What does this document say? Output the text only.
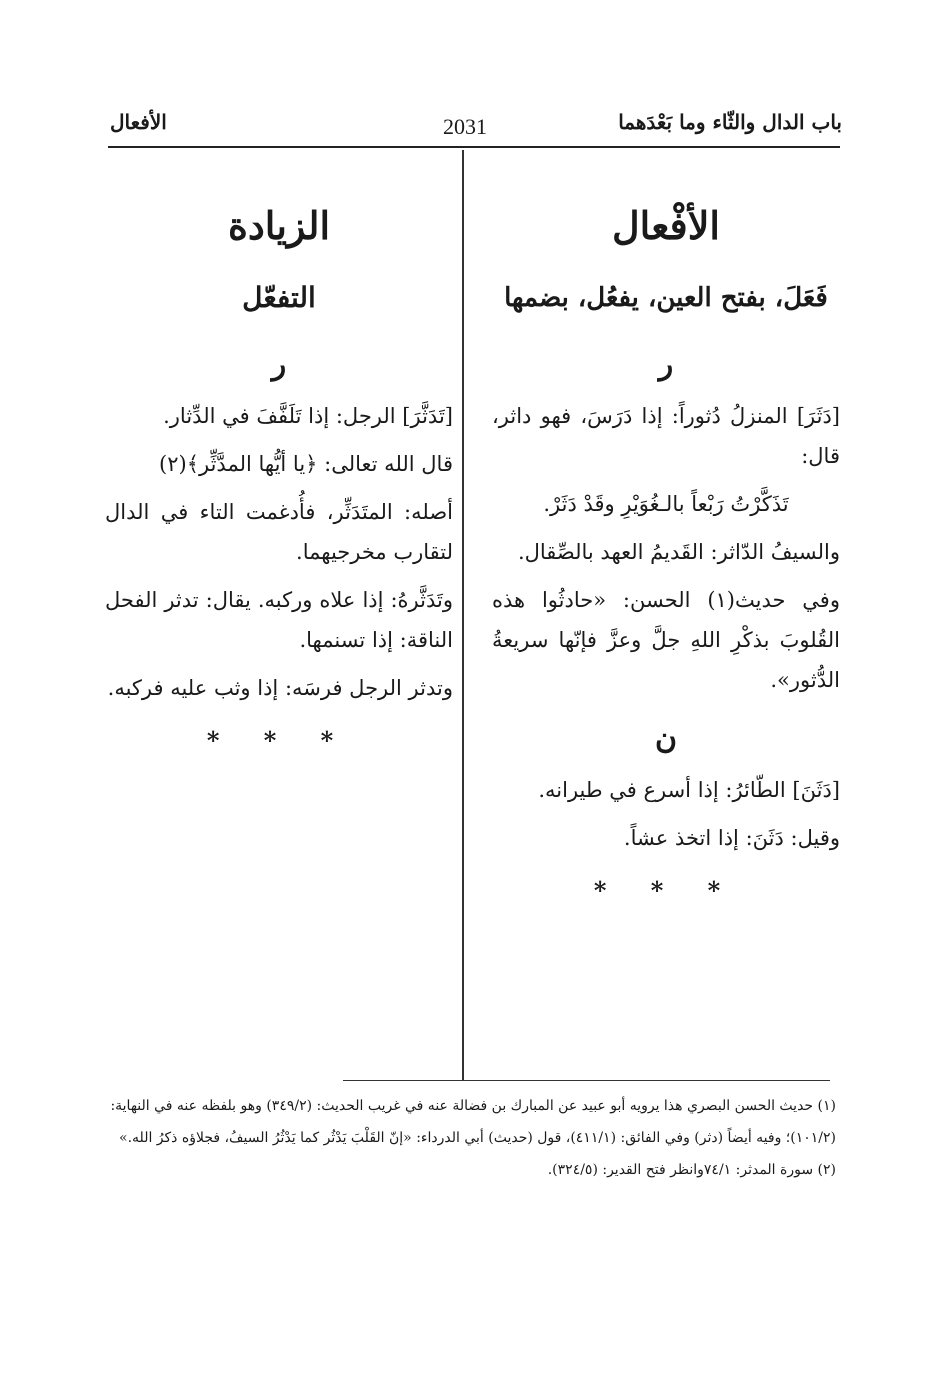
باب الدال والثّاء وما بَعْدَهما
2031
الأفعال
الأفْعال
فَعَلَ، بفتح العين، يفعُل، بضمها
ر

[دَثَرَ] المنزلُ دُثوراً: إذا دَرَسَ، فهو داثر، قال:

تَذَكَّرْتُ رَبْعاً بالـغُوَيْرِ وقَدْ دَثَرْ.

والسيفُ الدّاثر: القَديمُ العهد بالصِّقال.

وفي حديث(١) الحسن: «حادثُوا هذه القُلوبَ بذكْرِ اللهِ جلَّ وعزَّ فإنّها سريعةُ الدُّثور».

ن

[دَثَنَ] الطّائرُ: إذا أسرع في طيرانه.

وقيل: دَثَنَ: إذا اتخذ عشاً.

* * *
الزيادة
التفعّل
ر

[تَدَثَّرَ] الرجل: إذا تَلَفَّفَ في الدِّثار.

قال الله تعالى: ﴿يا أيُّها المدَّثِّر﴾(٢)

أصله: المتَدَثِّر، فأُدغمت التاء في الدال لتقارب مخرجيهما.

وتَدَثَّرهُ: إذا علاه وركبه. يقال: تدثر الفحل الناقة: إذا تسنمها.

وتدثر الرجل فرسَه: إذا وثب عليه فركبه.

* * *

(١) حديث الحسن البصري هذا يرويه أبو عبيد عن المبارك بن فضالة عنه في غريب الحديث: (٣٤٩/٢) وهو بلفظه عنه في النهاية: (١٠١/٢)؛ وفيه أيضاً (دثر) وفي الفائق: (٤١١/١)، قول (حديث) أبي الدرداء: «إنّ القَلْبَ يَدْثُر كما يَدْثُرُ السيفُ، فجلاؤه ذكرُ الله.»

(٢) سورة المدثر: ٧٤/١وانظر فتح القدير: (٣٢٤/٥).
